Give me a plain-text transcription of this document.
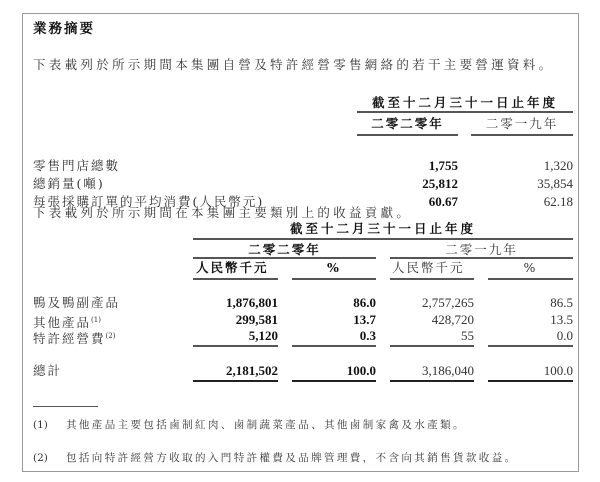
業務摘要
下表載列於所示期間本集團自營及特許經營零售網絡的若干主要營運資料。
截至十二月三十一日止年度
二零二零年	二零一九年
零售門店總數	1,755	1,320
總銷量(噸)	25,812	35,854
每張採購訂單的平均消費(人民幣元)	60.67	62.18
下表載列於所示期間在本集團主要類別上的收益貢獻。
截至十二月三十一日止年度
二零二零年	二零一九年
人民幣千元	%	人民幣千元	%
鴨及鴨副產品	1,876,801	86.0	2,757,265	86.5
其他產品$^{(1)}$	299,581	13.7	428,720	13.5
特許經營費$^{(2)}$	5,120	0.3	55	0.0
總計	2,181,502	100.0	3,186,040	100.0
(1) 其他產品主要包括鹵制紅肉、鹵制蔬菜產品、其他鹵制家禽及水產類。
(2) 包括向特許經營方收取的入門特許權費及品牌管理費，不含向其銷售貨款收益。
